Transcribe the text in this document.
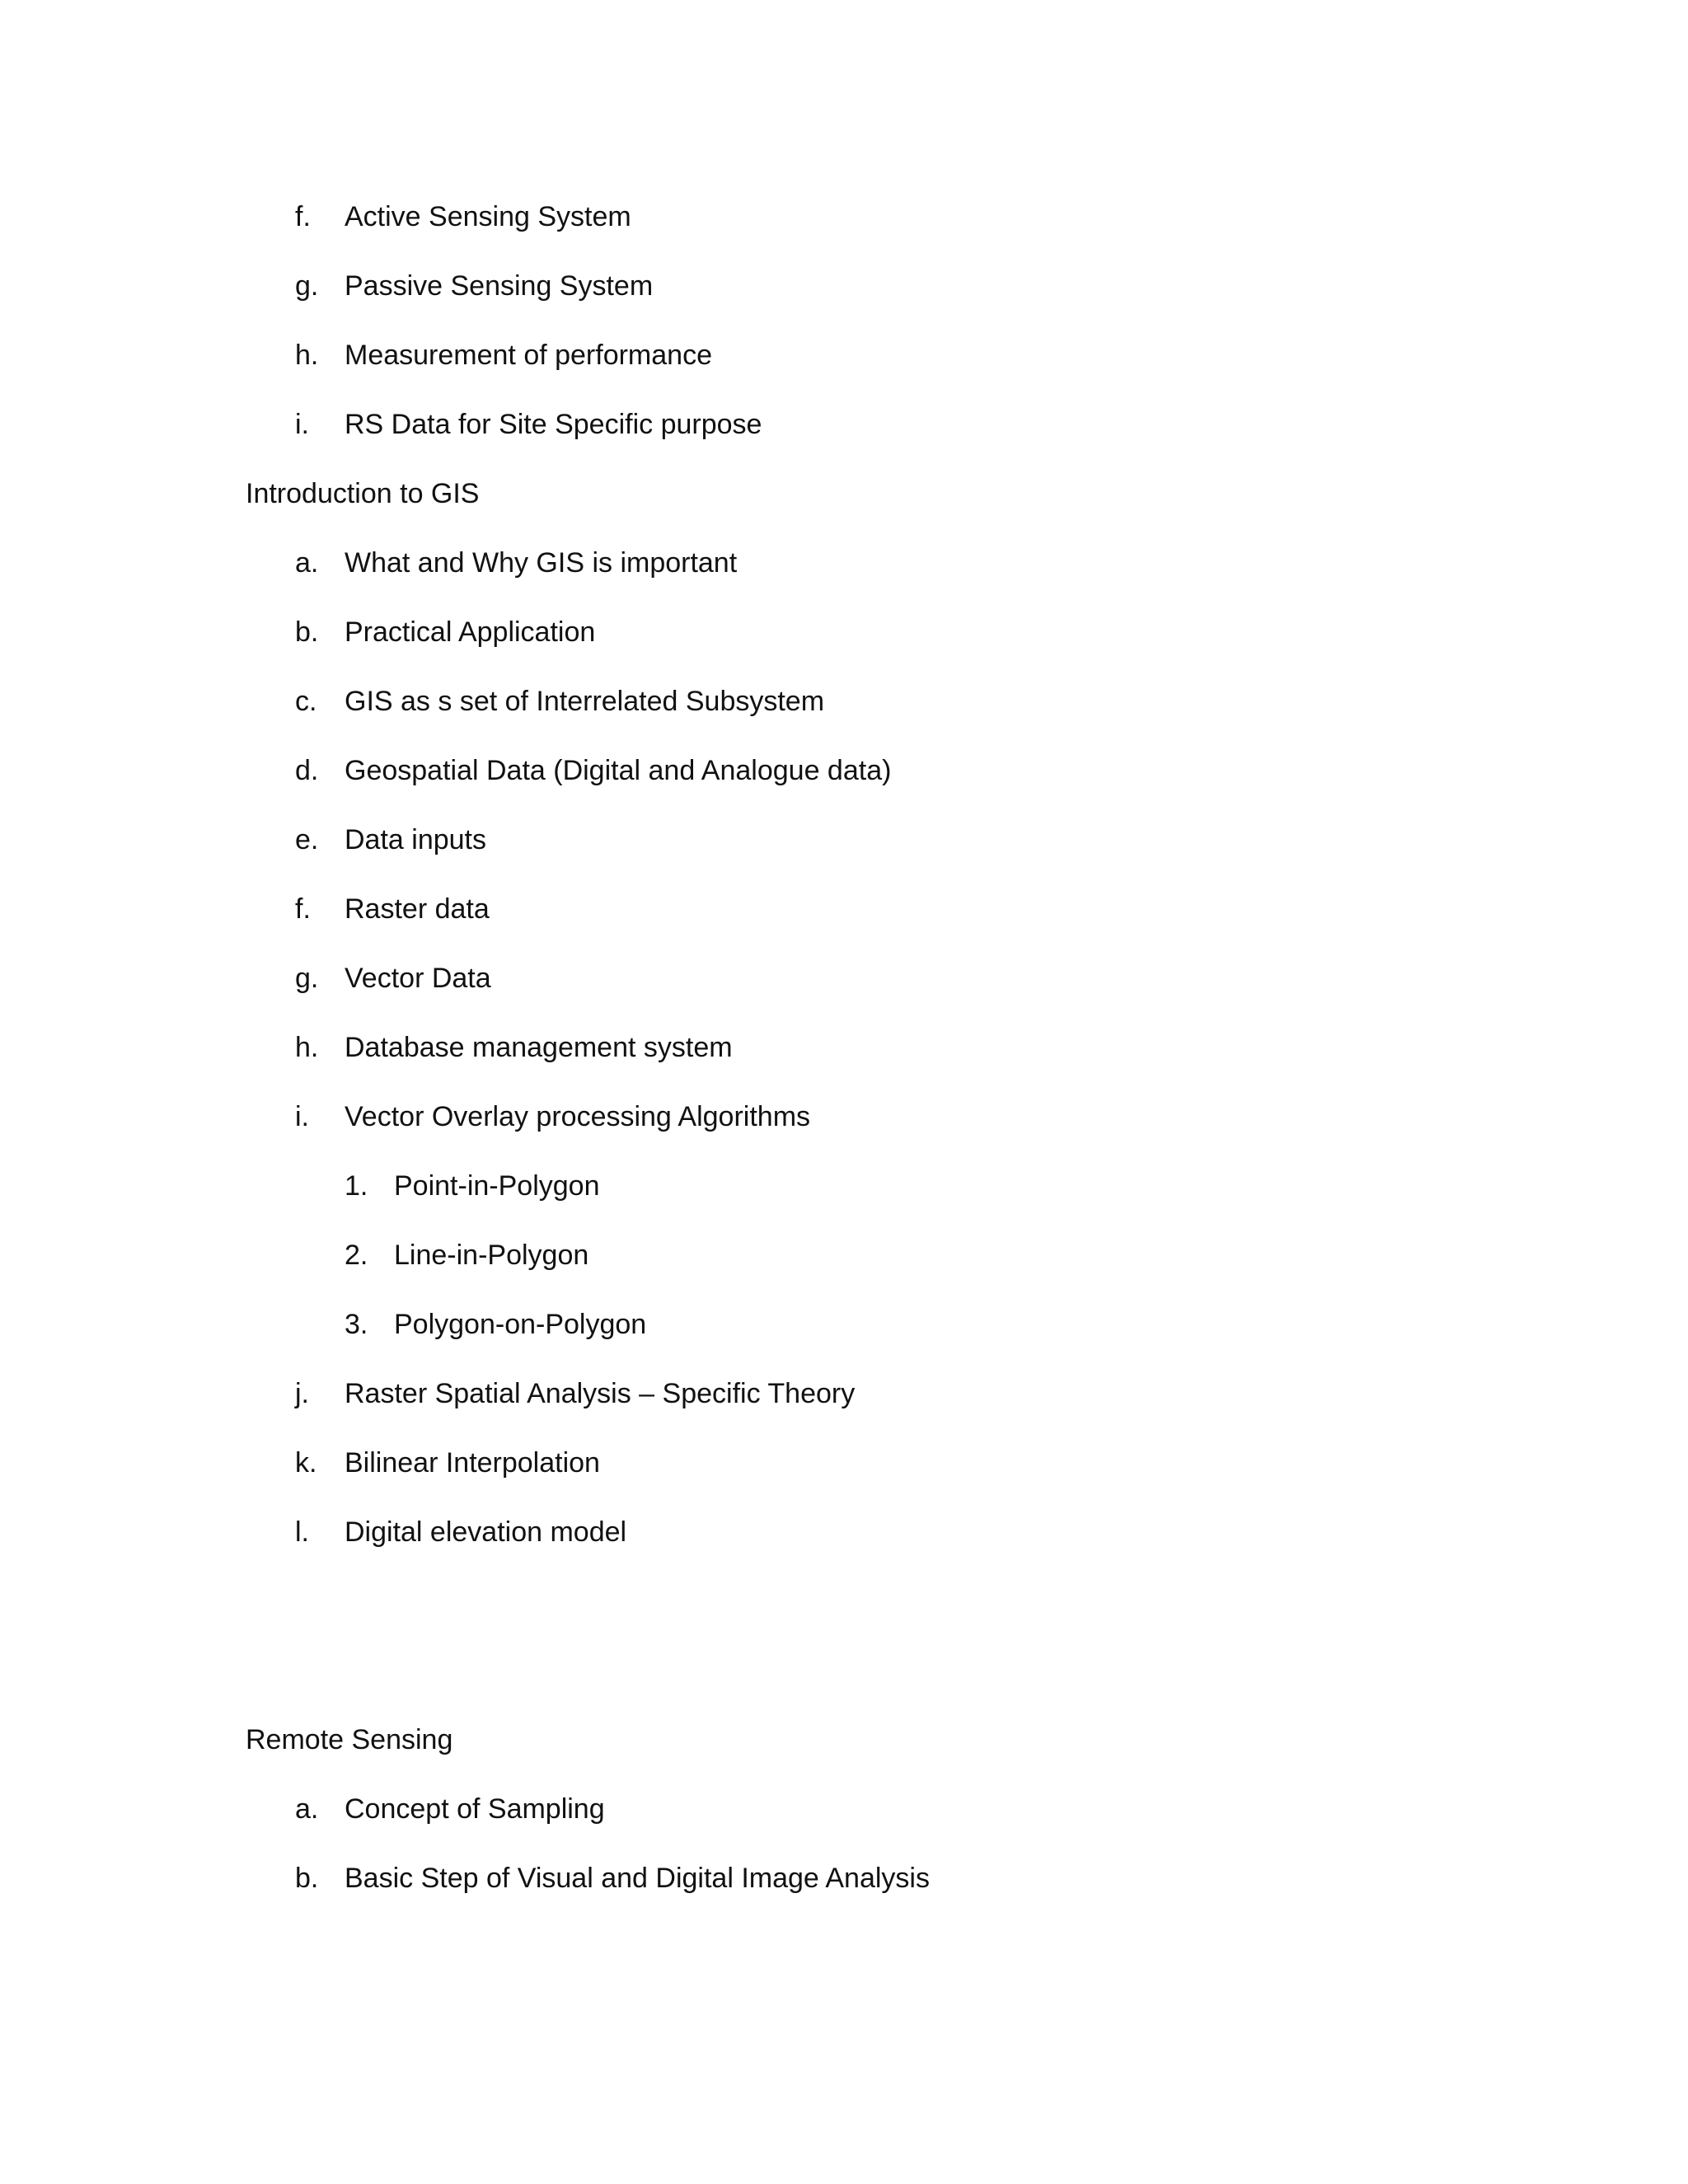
f. Active Sensing System
g. Passive Sensing System
h. Measurement of performance
i. RS Data for Site Specific purpose
Introduction to GIS
a. What and Why GIS is important
b. Practical Application
c. GIS as s set of Interrelated Subsystem
d. Geospatial Data (Digital and Analogue data)
e. Data inputs
f. Raster data
g. Vector Data
h. Database management system
i. Vector Overlay processing Algorithms
1. Point-in-Polygon
2. Line-in-Polygon
3. Polygon-on-Polygon
j. Raster Spatial Analysis – Specific Theory
k. Bilinear Interpolation
l. Digital elevation model
Remote Sensing
a. Concept of Sampling
b. Basic Step of Visual and Digital Image Analysis
